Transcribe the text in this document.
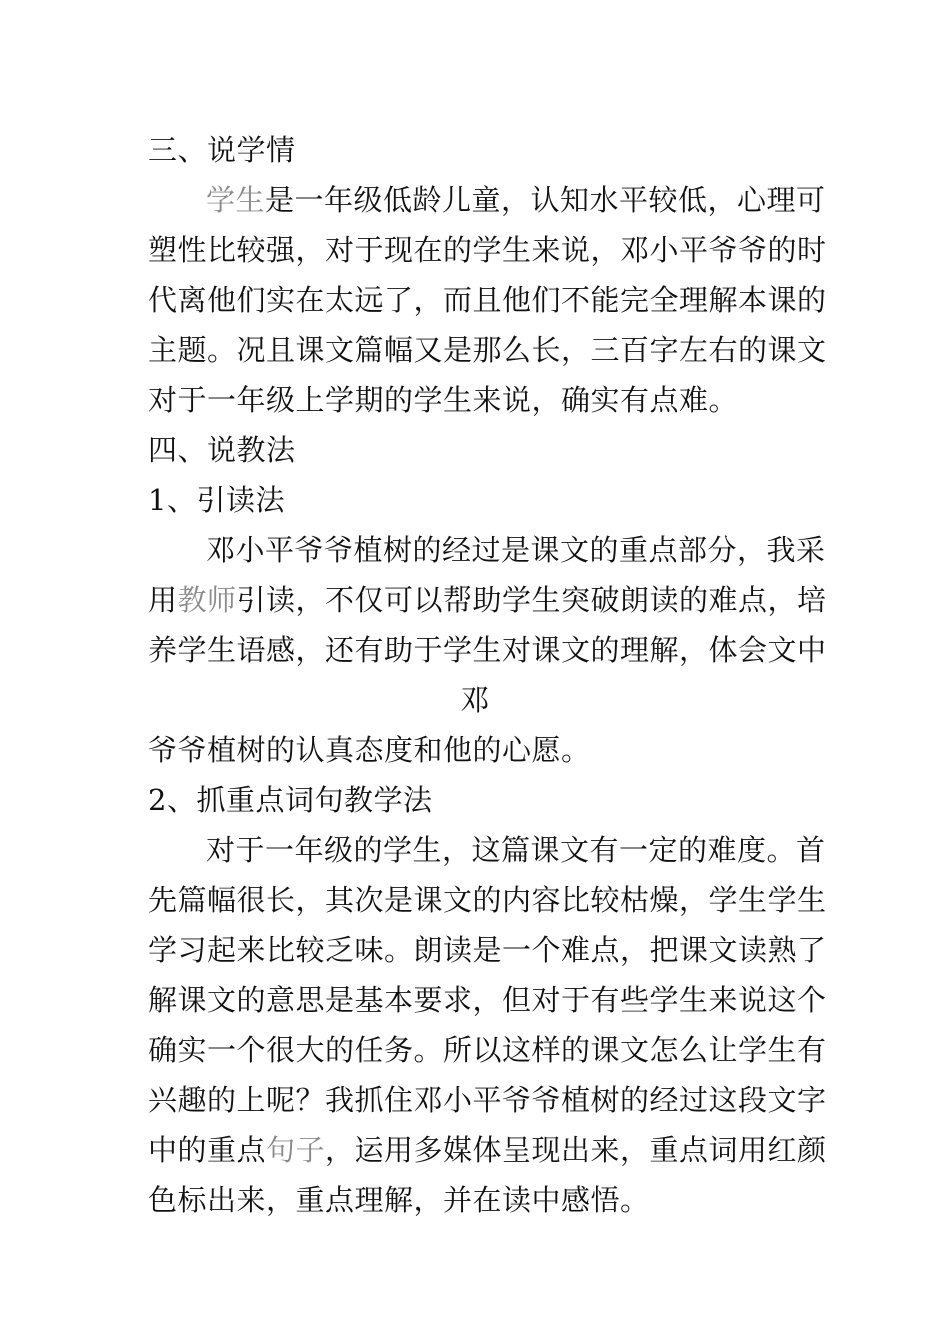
三、说学情
学生是一年级低龄儿童，认知水平较低，心理可
塑性比较强，对于现在的学生来说，邓小平爷爷的时
代离他们实在太远了，而且他们不能完全理解本课的
主题。况且课文篇幅又是那么长，三百字左右的课文
对于一年级上学期的学生来说，确实有点难。
四、说教法
1、引读法
邓小平爷爷植树的经过是课文的重点部分，我采
用教师引读，不仅可以帮助学生突破朗读的难点，培
养学生语感，还有助于学生对课文的理解，体会文中
邓
爷爷植树的认真态度和他的心愿。
2、抓重点词句教学法
对于一年级的学生，这篇课文有一定的难度。首
先篇幅很长，其次是课文的内容比较枯燥，学生学生
学习起来比较乏味。朗读是一个难点，把课文读熟了
解课文的意思是基本要求，但对于有些学生来说这个
确实一个很大的任务。所以这样的课文怎么让学生有
兴趣的上呢？我抓住邓小平爷爷植树的经过这段文字
中的重点句子，运用多媒体呈现出来，重点词用红颜
色标出来，重点理解，并在读中感悟。
